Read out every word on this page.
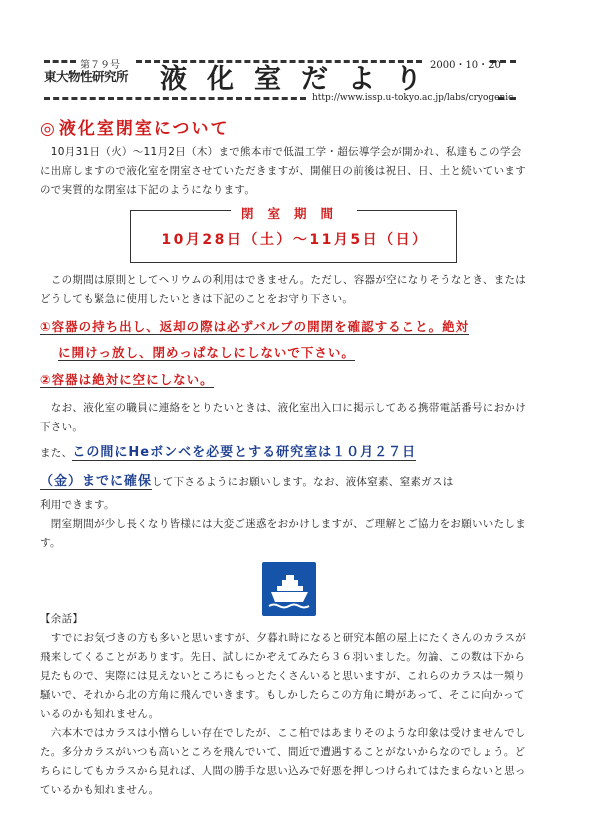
第７９号
東大物性研究所 液化室だより
2000・10・20
http://www.issp.u-tokyo.ac.jp/labs/cryogenic
◎ 液化室閉室について
　10月31日（火）～11月2日（木）まで熊本市で低温工学・超伝導学会が開かれ、私達もこの学会に出席しますので液化室を閉室させていただきますが、開催日の前後は祝日、日、土と続いていますので実質的な閉室は下記のようになります。
閉室期間
10月28日（土）～11月5日（日）
　この期間は原則としてヘリウムの利用はできません。ただし、容器が空になりそうなとき、またはどうしても緊急に使用したいときは下記のことをお守り下さい。
①容器の持ち出し、返却の際は必ずバルブの開閉を確認すること。絶対
に開けっ放し、閉めっぱなしにしないで下さい。
②容器は絶対に空にしない。
　なお、液化室の職員に連絡をとりたいときは、液化室出入口に掲示してある携帯電話番号におかけ下さい。
また、この間にHeボンベを必要とする研究室は１０月２７日
（金）までに確保して下さるようにお願いします。なお、液体窒素、窒素ガスは
利用できます。
　閉室期間が少し長くなり皆様には大変ご迷惑をおかけしますが、ご理解とご協力をお願いいたします。
【余話】
　すでにお気づきの方も多いと思いますが、夕暮れ時になると研究本館の屋上にたくさんのカラスが飛来してくることがあります。先日、試しにかぞえてみたら３６羽いました。勿論、この数は下から見たもので、実際には見えないところにもっとたくさんいると思いますが、これらのカラスは一頻り騒いで、それから北の方角に飛んでいきます。もしかしたらこの方角に塒があって、そこに向かっているのかも知れません。
　六本木ではカラスは小憎らしい存在でしたが、ここ柏ではあまりそのような印象は受けませんでした。多分カラスがいつも高いところを飛んでいて、間近で遭遇することがないからなのでしょう。どちらにしてもカラスから見れば、人間の勝手な思い込みで好悪を押しつけられてはたまらないと思っているかも知れません。
